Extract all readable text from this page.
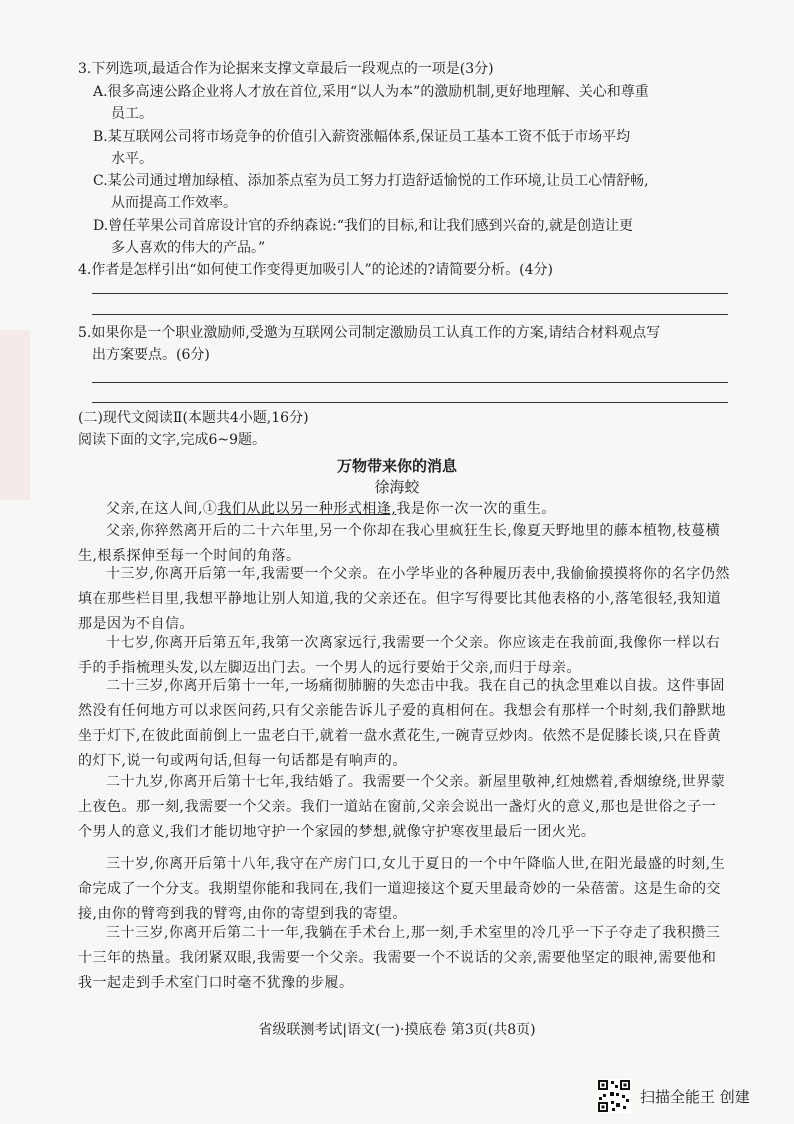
3.下列选项,最适合作为论据来支撑文章最后一段观点的一项是(3分)
A.很多高速公路企业将人才放在首位,采用“以人为本”的激励机制,更好地理解、关心和尊重
员工。
B.某互联网公司将市场竞争的价值引入薪资涨幅体系,保证员工基本工资不低于市场平均
水平。
C.某公司通过增加绿植、添加茶点室为员工努力打造舒适愉悦的工作环境,让员工心情舒畅,
从而提高工作效率。
D.曾任苹果公司首席设计官的乔纳森说:“我们的目标,和让我们感到兴奋的,就是创造让更
多人喜欢的伟大的产品。”
4.作者是怎样引出“如何使工作变得更加吸引人”的论述的?请简要分析。(4分)
5.如果你是一个职业激励师,受邀为互联网公司制定激励员工认真工作的方案,请结合材料观点写
出方案要点。(6分)
(二)现代文阅读Ⅱ(本题共4小题,16分)
阅读下面的文字,完成6~9题。
万物带来你的消息
徐海蛟
父亲,在这人间,①我们从此以另一种形式相逢,我是你一次一次的重生。
父亲,你猝然离开后的二十六年里,另一个你却在我心里疯狂生长,像夏天野地里的藤本植物,枝蔓横生,根系探伸至每一个时间的角落。
十三岁,你离开后第一年,我需要一个父亲。在小学毕业的各种履历表中,我偷偷摸摸将你的名字仍然填在那些栏目里,我想平静地让别人知道,我的父亲还在。但字写得要比其他表格的小,落笔很轻,我知道那是因为不自信。
十七岁,你离开后第五年,我第一次离家远行,我需要一个父亲。你应该走在我前面,我像你一样以右手的手指梳理头发,以左脚迈出门去。一个男人的远行要始于父亲,而归于母亲。
二十三岁,你离开后第十一年,一场痛彻肺腑的失恋击中我。我在自己的执念里难以自拔。这件事固然没有任何地方可以求医问药,只有父亲能告诉儿子爱的真相何在。我想会有那样一个时刻,我们静默地坐于灯下,在彼此面前倒上一盅老白干,就着一盘水煮花生,一碗青豆炒肉。依然不是促膝长谈,只在昏黄的灯下,说一句或两句话,但每一句话都是有响声的。
二十九岁,你离开后第十七年,我结婚了。我需要一个父亲。新屋里敬神,红烛燃着,香烟缭绕,世界蒙上夜色。那一刻,我需要一个父亲。我们一道站在窗前,父亲会说出一盏灯火的意义,那也是世俗之子一个男人的意义,我们才能切地守护一个家园的梦想,就像守护寒夜里最后一团火光。
三十岁,你离开后第十八年,我守在产房门口,女儿于夏日的一个中午降临人世,在阳光最盛的时刻,生命完成了一个分支。我期望你能和我同在,我们一道迎接这个夏天里最奇妙的一朵蓓蕾。这是生命的交接,由你的臂弯到我的臂弯,由你的寄望到我的寄望。
三十三岁,你离开后第二十一年,我躺在手术台上,那一刻,手术室里的冷几乎一下子夺走了我积攒三十三年的热量。我闭紧双眼,我需要一个父亲。我需要一个不说话的父亲,需要他坚定的眼神,需要他和我一起走到手术室门口时毫不犹豫的步履。
省级联测考试|语文(一)·摸底卷 第3页(共8页)
扫描全能王 创建
